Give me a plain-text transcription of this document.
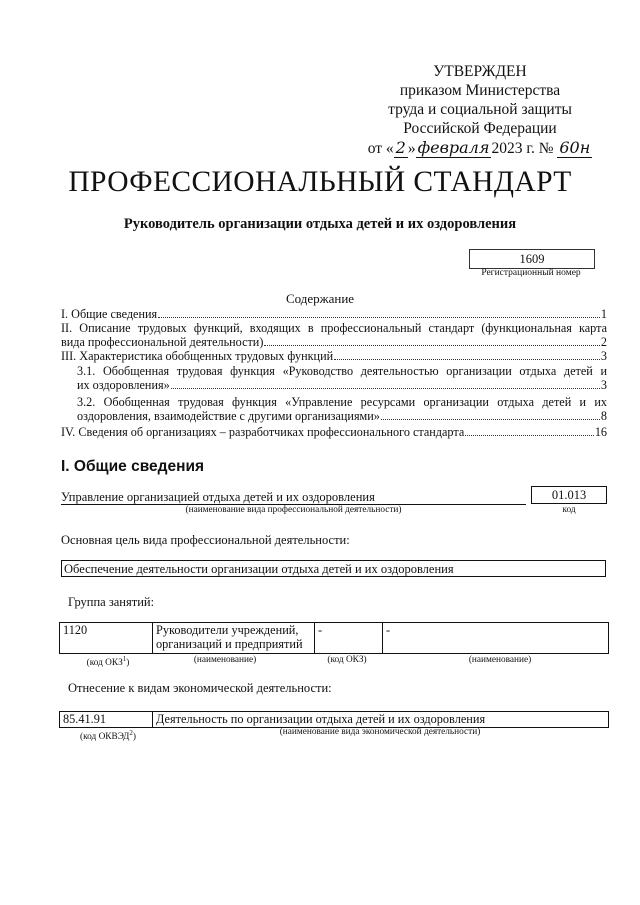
УТВЕРЖДЕН
приказом Министерства
труда и социальной защиты
Российской Федерации
от « 2 » февраля 2023 г. № 60н
ПРОФЕССИОНАЛЬНЫЙ СТАНДАРТ
Руководитель организации отдыха детей и их оздоровления
1609
Регистрационный номер
Содержание
I. Общие сведения	1
II. Описание трудовых функций, входящих в профессиональный стандарт (функциональная карта
вида профессиональной деятельности)	2
III. Характеристика обобщенных трудовых функций	3
3.1. Обобщенная трудовая функция «Руководство деятельностью организации отдыха детей и
их оздоровления»	3
3.2. Обобщенная трудовая функция «Управление ресурсами организации отдыха детей и их
оздоровления, взаимодействие с другими организациями»	8
IV. Сведения об организациях – разработчиках профессионального стандарта	16
I. Общие сведения
Управление организацией отдыха детей и их оздоровления
(наименование вида профессиональной деятельности)
01.013
код
Основная цель вида профессиональной деятельности:
Обеспечение деятельности организации отдыха детей и их оздоровления
Группа занятий:
1120	Руководители учреждений,
организаций и предприятий
-	-
(код ОКЗ$^1$)	(наименование)	(код ОКЗ)	(наименование)
Отнесение к видам экономической деятельности:
85.41.91	Деятельность по организации отдыха детей и их оздоровления
(код ОКВЭД$^2$)
(наименование вида экономической деятельности)
